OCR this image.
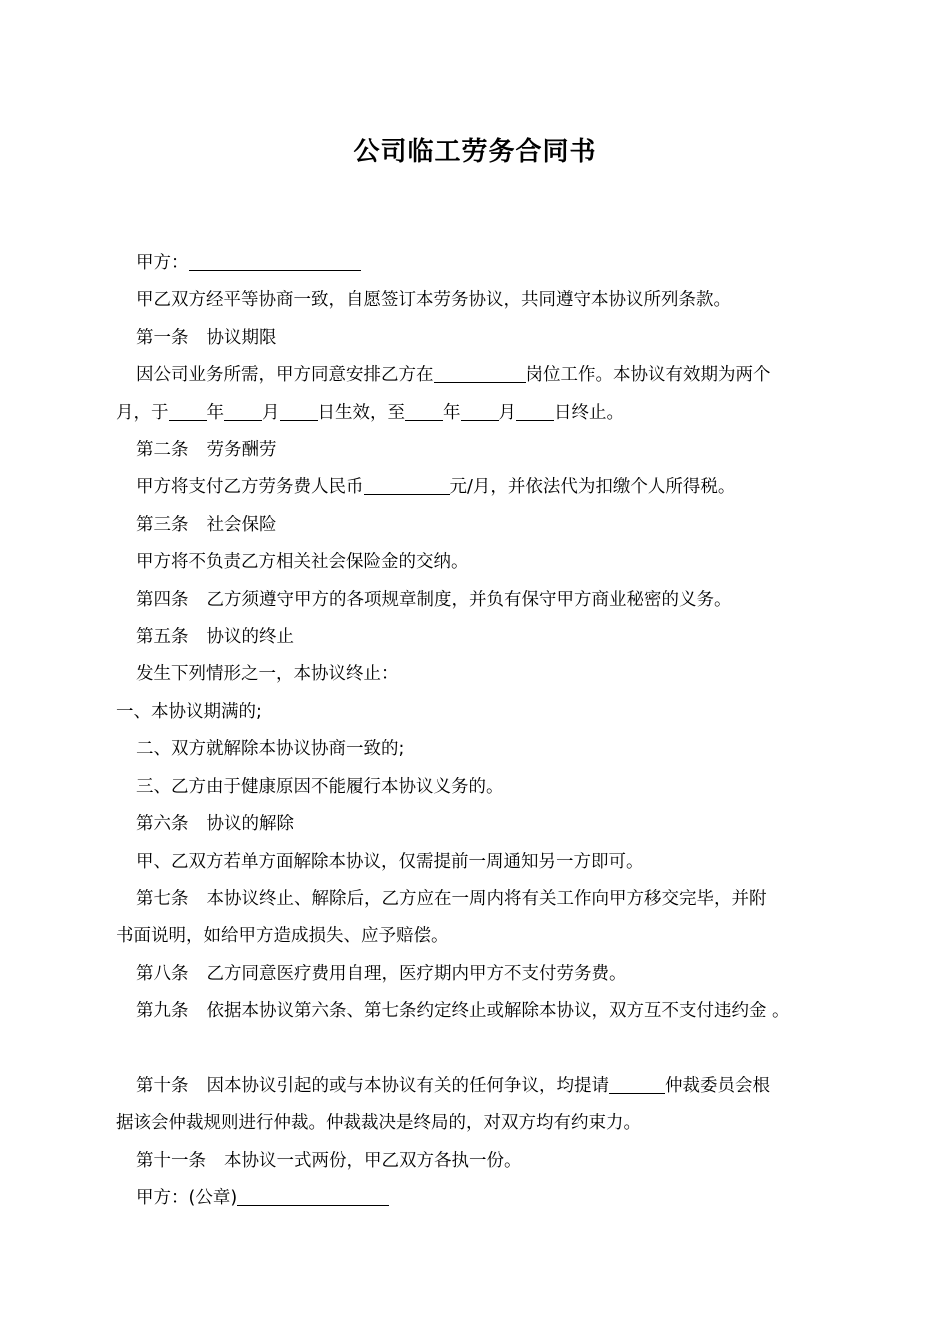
公司临工劳务合同书

甲方：

甲乙双方经平等协商一致，自愿签订本劳务协议，共同遵守本协议所列条款。

第一条 协议期限

因公司业务所需，甲方同意安排乙方在	岗位工作。本协议有效期为两个

月，于 年 月 日生效，至 年 月 日终止。

第二条 劳务酬劳

甲方将支付乙方劳务费人民币	元/月，并依法代为扣缴个人所得税。

第三条 社会保险

甲方将不负责乙方相关社会保险金的交纳。

第四条 乙方须遵守甲方的各项规章制度，并负有保守甲方商业秘密的义务。

第五条 协议的终止

发生下列情形之一，本协议终止：

一、本协议期满的;

二、双方就解除本协议协商一致的;

三、乙方由于健康原因不能履行本协议义务的。

第六条 协议的解除

甲、乙双方若单方面解除本协议，仅需提前一周通知另一方即可。

第七条 本协议终止、解除后，乙方应在一周内将有关工作向甲方移交完毕，并附

书面说明，如给甲方造成损失、应予赔偿。

第八条 乙方同意医疗费用自理，医疗期内甲方不支付劳务费。

第九条 依据本协议第六条、第七条约定终止或解除本协议，双方互不支付违约金 。

第十条 因本协议引起的或与本协议有关的任何争议，均提请	仲裁委员会根

据该会仲裁规则进行仲裁。仲裁裁决是终局的，对双方均有约束力。

第十一条 本协议一式两份，甲乙双方各执一份。

甲方：(公章)
